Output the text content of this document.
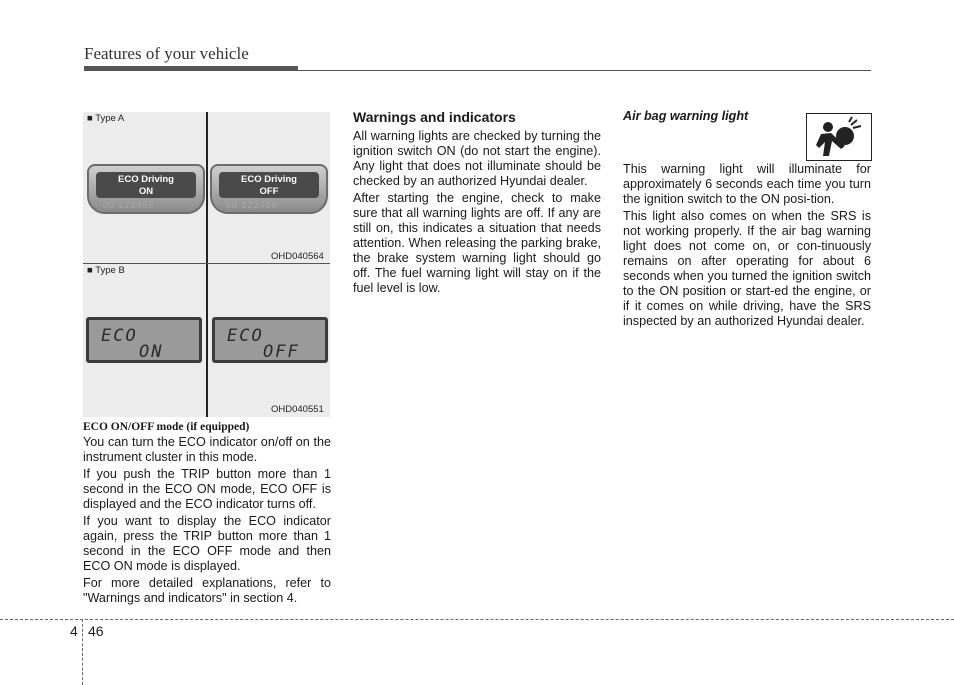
Features of your vehicle
■ Type A
■ Type B
OHD040564
OHD040551
ECO Driving
ON
00 123456
ECO Driving
OFF
00 123456
ECO
ON
ECO
OFF
ECO ON/OFF mode (if equipped)

You can turn the ECO indicator on/off on the instrument cluster in this mode.

If you push the TRIP button more than 1 second in the ECO ON mode, ECO OFF is displayed and the ECO indicator turns off.

If you want to display the ECO indicator again, press the TRIP button more than 1 second in the ECO OFF mode and then ECO ON mode is displayed.

For more detailed explanations, refer to "Warnings and indicators" in section 4.

Warnings and indicators

All warning lights are checked by turning the ignition switch ON (do not start the engine). Any light that does not illuminate should be checked by an authorized Hyundai dealer.

After starting the engine, check to make sure that all warning lights are off. If any are still on, this indicates a situation that needs attention. When releasing the parking brake, the brake system warning light should go off. The fuel warning light will stay on if the fuel level is low.

Air bag warning light

This warning light will illuminate for approximately 6 seconds each time you turn the ignition switch to the ON posi-tion.

This light also comes on when the SRS is not working properly. If the air bag warning light does not come on, or con-tinuously remains on after operating for about 6 seconds when you turned the ignition switch to the ON position or start-ed the engine, or if it comes on while driving, have the SRS inspected by an authorized Hyundai dealer.

4 46
